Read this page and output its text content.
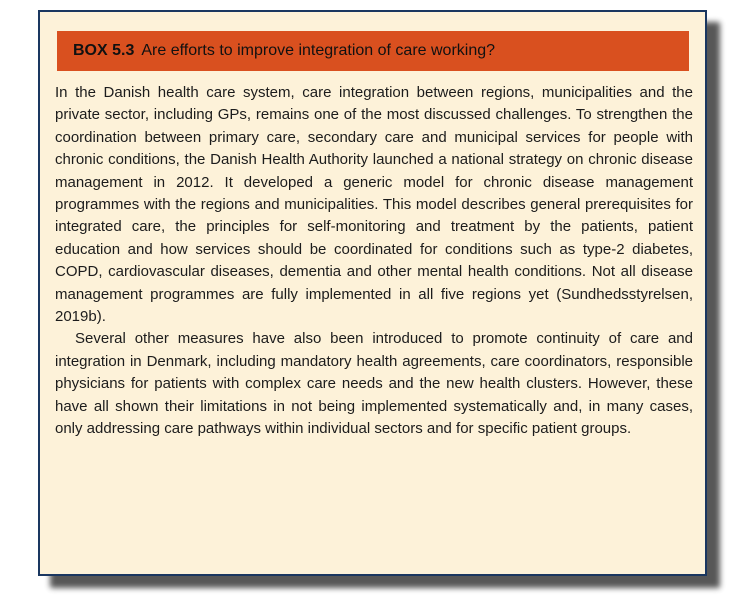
BOX 5.3 Are efforts to improve integration of care working?

In the Danish health care system, care integration between regions, municipalities and the private sector, including GPs, remains one of the most discussed challenges. To strengthen the coordination between primary care, secondary care and municipal services for people with chronic conditions, the Danish Health Authority launched a national strategy on chronic disease management in 2012. It developed a generic model for chronic disease management programmes with the regions and municipalities. This model describes general prerequisites for integrated care, the principles for self-monitoring and treatment by the patients, patient education and how services should be coordinated for conditions such as type-2 diabetes, COPD, cardiovascular diseases, dementia and other mental health conditions. Not all disease management programmes are fully implemented in all five regions yet (Sundhedsstyrelsen, 2019b).

Several other measures have also been introduced to promote continuity of care and integration in Denmark, including mandatory health agreements, care coordinators, responsible physicians for patients with complex care needs and the new health clusters. However, these have all shown their limitations in not being implemented systematically and, in many cases, only addressing care pathways within individual sectors and for specific patient groups.
